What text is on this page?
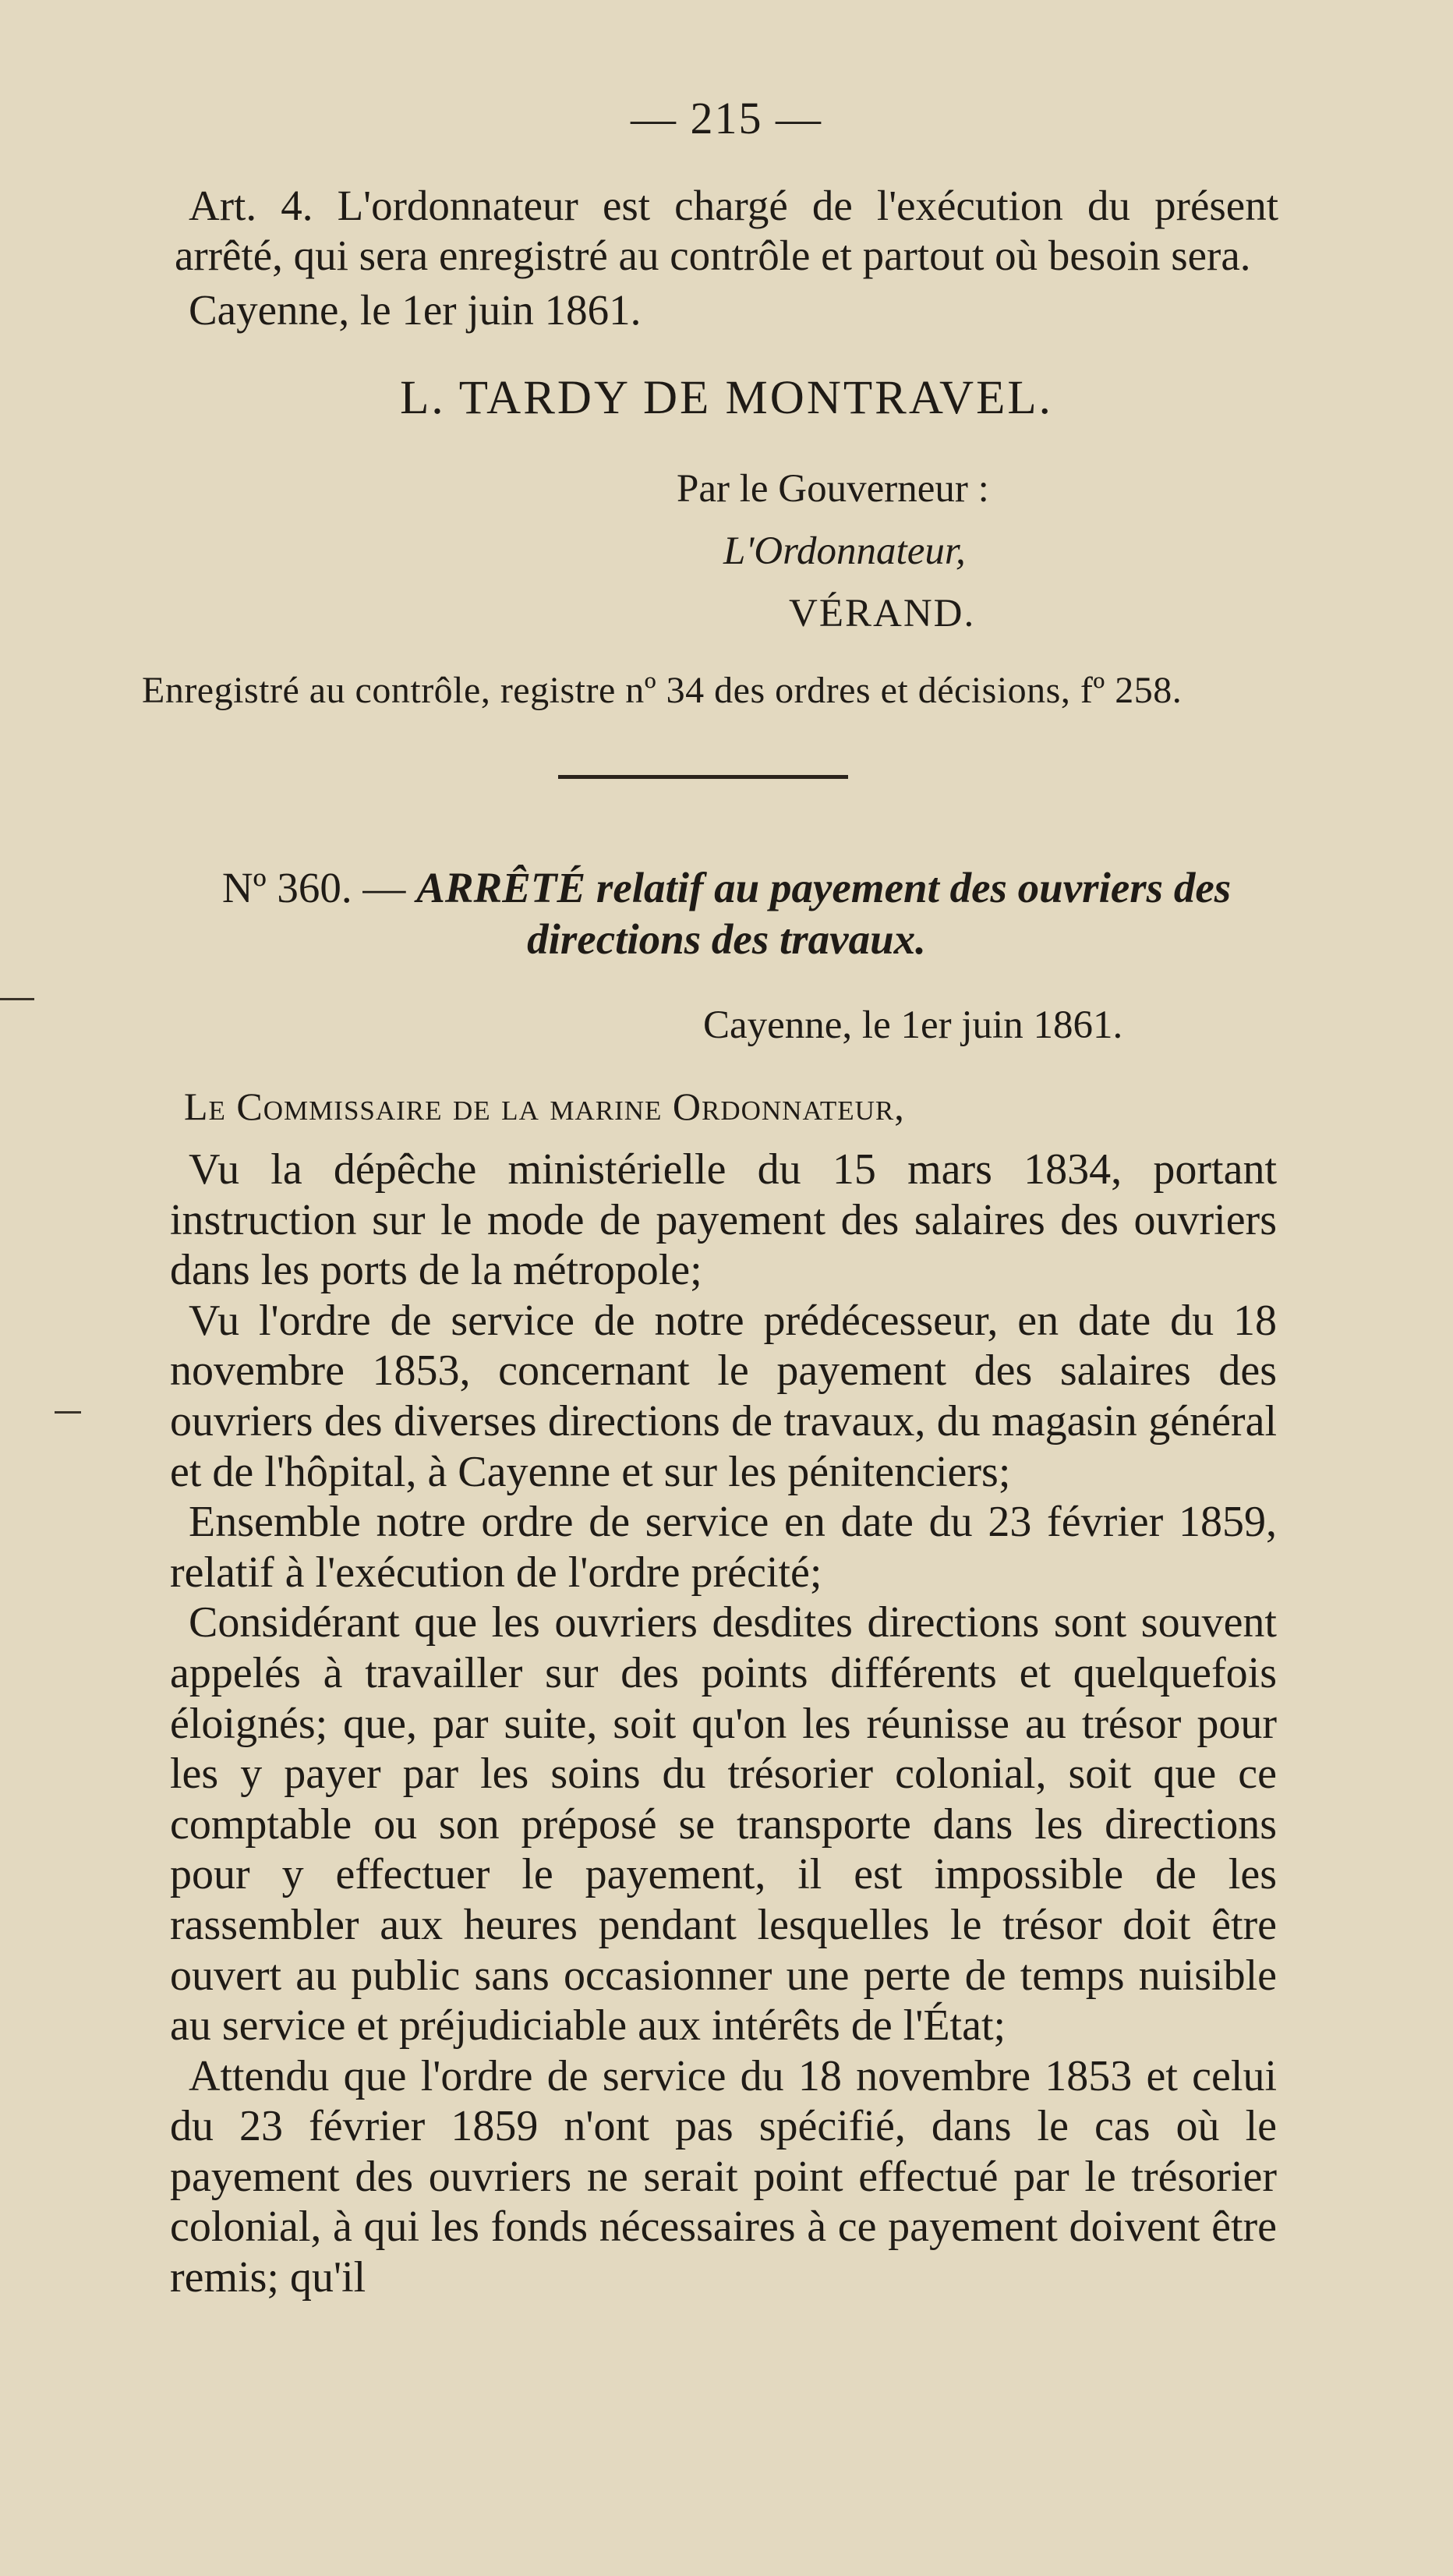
— 215 —

Art. 4. L'ordonnateur est chargé de l'exécution du présent arrêté, qui sera enregistré au contrôle et partout où besoin sera.

Cayenne, le 1er juin 1861.

L. TARDY DE MONTRAVEL.
Par le Gouverneur :
L'Ordonnateur,
VÉRAND.
Enregistré au contrôle, registre nº 34 des ordres et décisions, fº 258.
Nº 360. — ARRÊTÉ relatif au payement des ouvriers des directions des travaux.
Cayenne, le 1er juin 1861.
Le Commissaire de la marine Ordonnateur,

Vu la dépêche ministérielle du 15 mars 1834, portant instruction sur le mode de payement des salaires des ouvriers dans les ports de la métropole;

Vu l'ordre de service de notre prédécesseur, en date du 18 novembre 1853, concernant le payement des salaires des ouvriers des diverses directions de travaux, du magasin général et de l'hôpital, à Cayenne et sur les pénitenciers;

Ensemble notre ordre de service en date du 23 février 1859, relatif à l'exécution de l'ordre précité;

Considérant que les ouvriers desdites directions sont souvent appelés à travailler sur des points différents et quelquefois éloignés; que, par suite, soit qu'on les réunisse au trésor pour les y payer par les soins du trésorier colonial, soit que ce comptable ou son préposé se transporte dans les directions pour y effectuer le payement, il est impossible de les rassembler aux heures pendant lesquelles le trésor doit être ouvert au public sans occasionner une perte de temps nuisible au service et préjudiciable aux intérêts de l'État;

Attendu que l'ordre de service du 18 novembre 1853 et celui du 23 février 1859 n'ont pas spécifié, dans le cas où le payement des ouvriers ne serait point effectué par le trésorier colonial, à qui les fonds nécessaires à ce payement doivent être remis; qu'il
